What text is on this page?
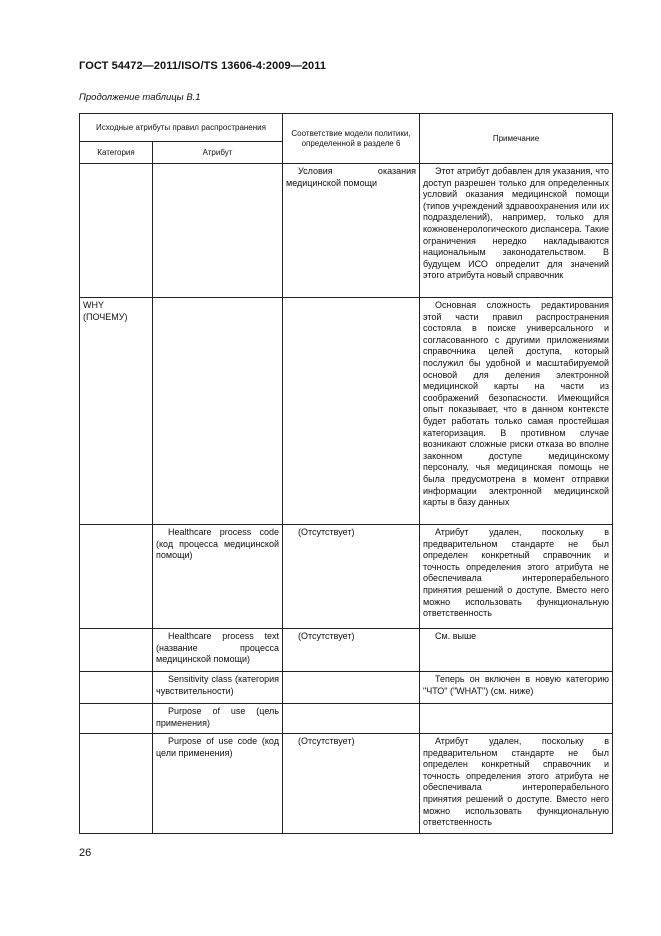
ГОСТ 54472—2011/ISO/TS 13606-4:2009—2011
Продолжение таблицы В.1
Исходные атрибуты правил распространения		Соответствие модели политики, определенной в разделе 6	Примечание
Категория	Атрибут		
		Условия оказания медицинской помощи	Этот атрибут добавлен для указания, что доступ разрешен только для определенных условий оказания медицинской помощи (типов учреждений здравоохранения или их подразделений), например, только для кожновенерологического диспансера. Такие ограничения нередко накладываются национальным законодательством. В будущем ИСО определит для значений этого атрибута новый справочник
WHY (ПОЧЕМУ)			Основная сложность редактирования этой части правил распространения состояла в поиске универсального и согласованного с другими приложениями справочника целей доступа, который послужил бы удобной и масштабируемой основой для деления электронной медицинской карты на части из соображений безопасности. Имеющийся опыт показывает, что в данном контексте будет работать только самая простейшая категоризация. В противном случае возникают сложные риски отказа во вполне законном доступе медицинскому персоналу, чья медицинская помощь не была предусмотрена в момент отправки информации электронной медицинской карты в базу данных
	Healthcare process code (код процесса медицинской помощи)	(Отсутствует)	Атрибут удален, поскольку в предварительном стандарте не был определен конкретный справочник и точность определения этого атрибута не обеспечивала интероперабельного принятия решений о доступе. Вместо него можно использовать функциональную ответственность
	Healthcare process text (название процесса медицинской помощи)	(Отсутствует)	См. выше
	Sensitivity class (категория чувствительности)		Теперь он включен в новую категорию "ЧТО" ("WHAT") (см. ниже)
	Purpose of use (цель применения)		
	Purpose of use code (код цели применения)	(Отсутствует)	Атрибут удален, поскольку в предварительном стандарте не был определен конкретный справочник и точность определения этого атрибута не обеспечивала интероперабельного принятия решений о доступе. Вместо него можно использовать функциональную ответственность
26
